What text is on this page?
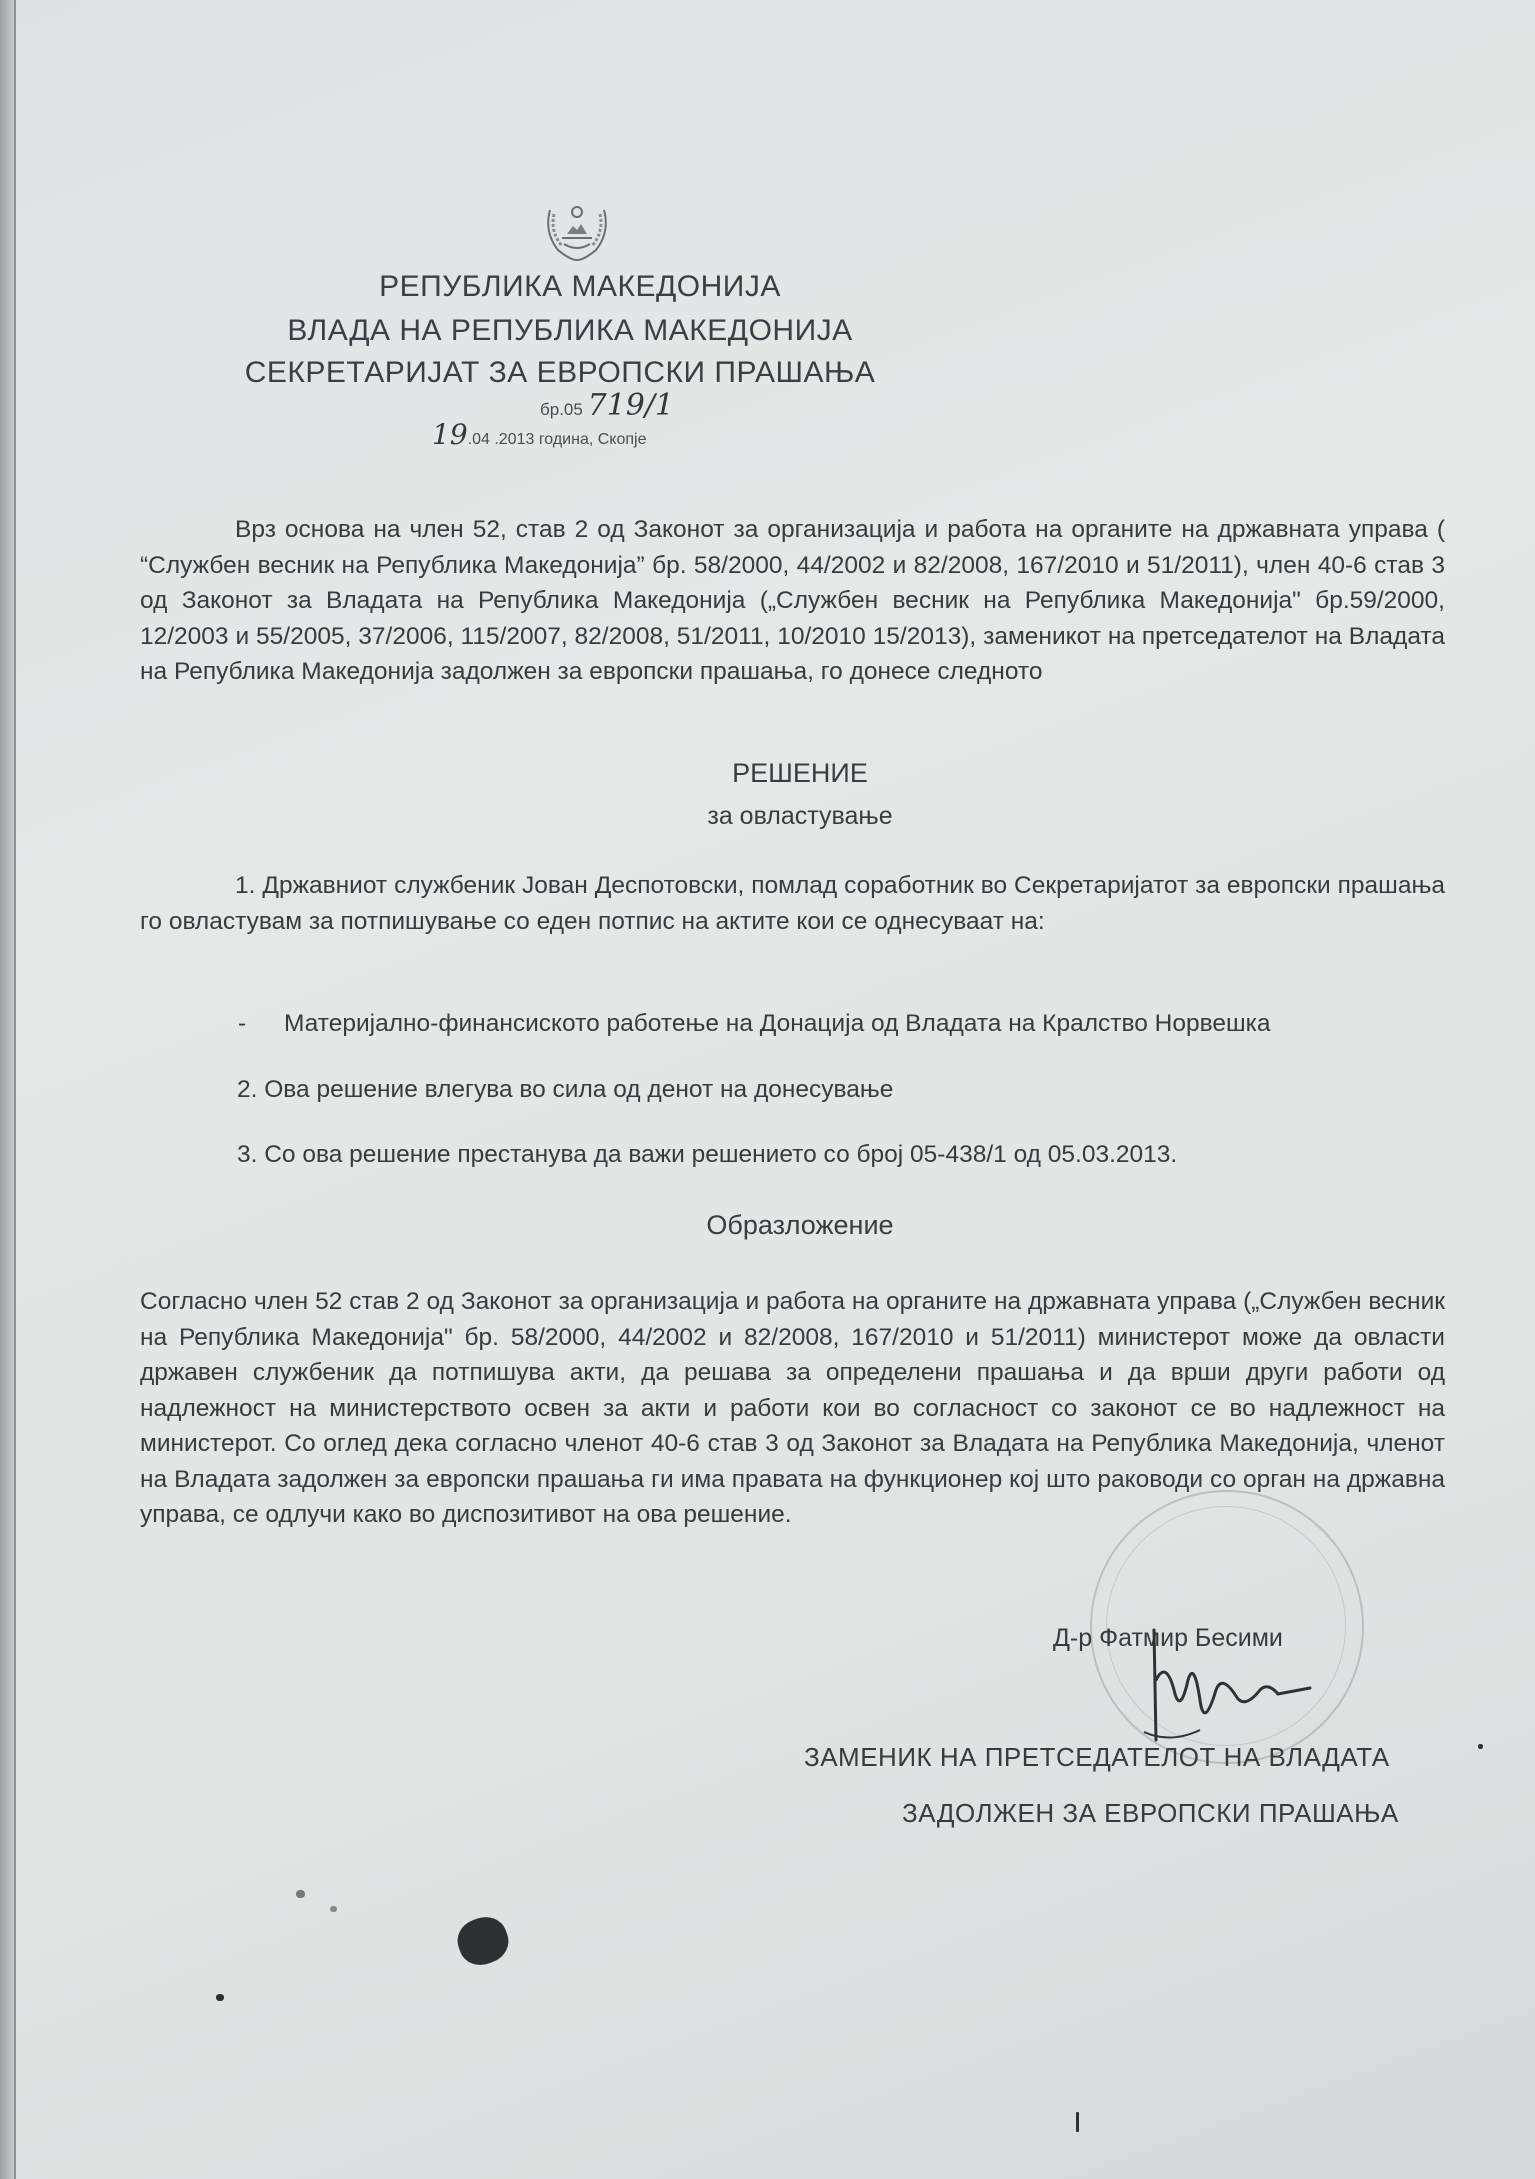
РЕПУБЛИКА МАКЕДОНИЈА
ВЛАДА НА РЕПУБЛИКА МАКЕДОНИЈА
СЕКРЕТАРИЈАТ ЗА ЕВРОПСКИ ПРАШАЊА
бр.05 719/1
19.04 .2013 година, Скопје
Врз основа на член 52, став 2 од Законот за организација и работа на органите на државната управа ( “Службен весник на Република Македонија” бр. 58/2000, 44/2002 и 82/2008, 167/2010 и 51/2011), член 40-6 став 3 од Законот за Владата на Република Македонија („Службен весник на Република Македонија" бр.59/2000, 12/2003 и 55/2005, 37/2006, 115/2007, 82/2008, 51/2011, 10/2010 15/2013), заменикот на претседателот на Владата на Република Македонија задолжен за европски прашања, го донесе следното
РЕШЕНИЕ
за овластување
1. Државниот службеник Јован Деспотовски, помлад соработник во Секретаријатот за европски прашања го овластувам за потпишување со еден потпис на актите кои се однесуваат на:
- Материјално-финансиското работење на Донација од Владата на Кралство Норвешка
2. Ова решение влегува во сила од денот на донесување
3. Со ова решение престанува да важи решението со број 05-438/1 од 05.03.2013.
Образложение
Согласно член 52 став 2 од Законот за организација и работа на органите на државната управа („Службен весник на Република Македонија" бр. 58/2000, 44/2002 и 82/2008, 167/2010 и 51/2011) министерот може да овласти државен службеник да потпишува акти, да решава за определени прашања и да врши други работи од надлежност на министерството освен за акти и работи кои во согласност со законот се во надлежност на министерот. Со оглед дека согласно членот 40-6 став 3 од Законот за Владата на Република Македонија, членот на Владата задолжен за европски прашања ги има правата на функционер кој што раководи со орган на државна управа, се одлучи како во диспозитивот на ова решение.
Д-р Фатмир Бесими
ЗАМЕНИК НА ПРЕТСЕДАТЕЛОТ НА ВЛАДАТА
ЗАДОЛЖЕН ЗА ЕВРОПСКИ ПРАШАЊА
